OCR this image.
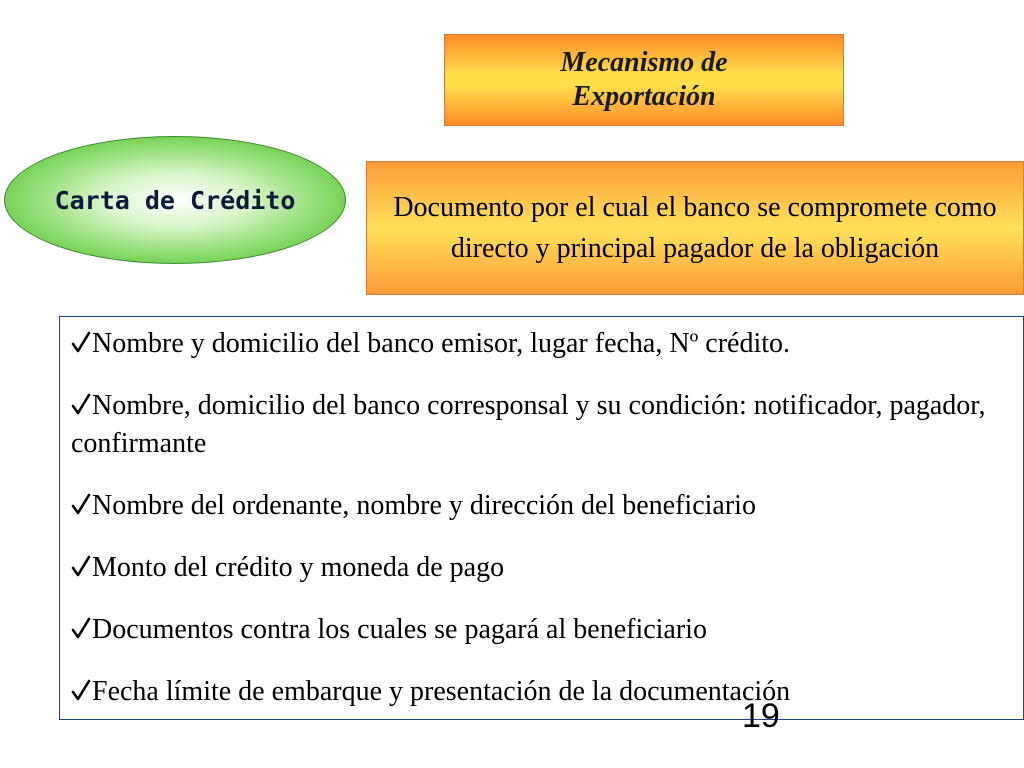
Mecanismo de
Exportación
Carta de Crédito	Documento por el cual el banco se compromete como directo y principal pagador de la obligación
Nombre y domicilio del banco emisor, lugar fecha, Nº crédito.
Nombre, domicilio del banco corresponsal y su condición: notificador, pagador, confirmante
Nombre del ordenante, nombre y dirección del beneficiario
Monto del crédito y moneda de pago
Documentos contra los cuales se pagará al beneficiario
Fecha límite de embarque y presentación de la documentación
19
